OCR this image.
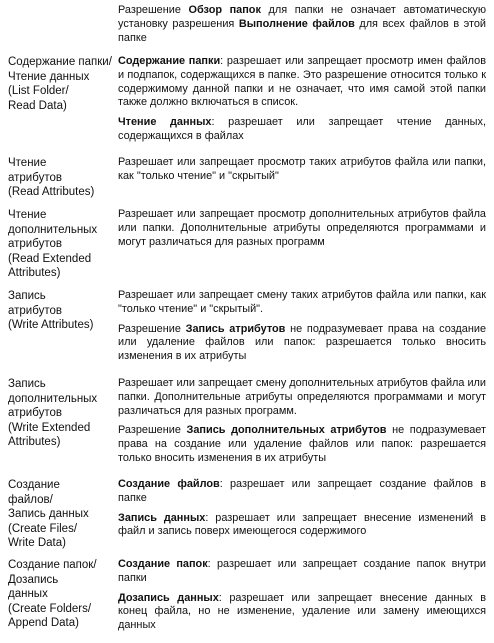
Разрешение Обзор папок для папки не означает автоматическую установку разрешения Выполнение файлов для всех файлов в этой папке

Содержание папки/
Чтение данных
(List Folder/
Read Data)

Содержание папки: разрешает или запрещает просмотр имен файлов и подпапок, содержащихся в папке. Это разрешение относится только к содержимому данной папки и не означает, что имя самой этой папки также должно включаться в список.

Чтение данных: разрешает или запрещает чтение данных, содержащихся в файлах

Чтение
атрибутов
(Read Attributes)

Разрешает или запрещает просмотр таких атрибутов файла или папки, как "только чтение" и "скрытый"

Чтение
дополнительных
атрибутов
(Read Extended
Attributes)

Разрешает или запрещает просмотр дополнительных атрибутов файла или папки. Дополнительные атрибуты определяются программами и могут различаться для разных программ

Запись
атрибутов
(Write Attributes)

Разрешает или запрещает смену таких атрибутов файла или папки, как "только чтение" и "скрытый".

Разрешение Запись атрибутов не подразумевает права на создание или удаление файлов или папок: разрешается только вносить изменения в их атрибуты

Запись
дополнительных
атрибутов
(Write Extended
Attributes)

Разрешает или запрещает смену дополнительных атрибутов файла или папки. Дополнительные атрибуты определяются программами и могут различаться для разных программ.

Разрешение Запись дополнительных атрибутов не подразумевает права на создание или удаление файлов или папок: разрешается только вносить изменения в их атрибуты

Создание
файлов/
Запись данных
(Create Files/
Write Data)

Создание файлов: разрешает или запрещает создание файлов в папке

Запись данных: разрешает или запрещает внесение изменений в файл и запись поверх имеющегося содержимого

Создание папок/
Дозапись
данных
(Create Folders/
Append Data)

Создание папок: разрешает или запрещает создание папок внутри папки

Дозапись данных: разрешает или запрещает внесение данных в конец файла, но не изменение, удаление или замену имеющихся данных
